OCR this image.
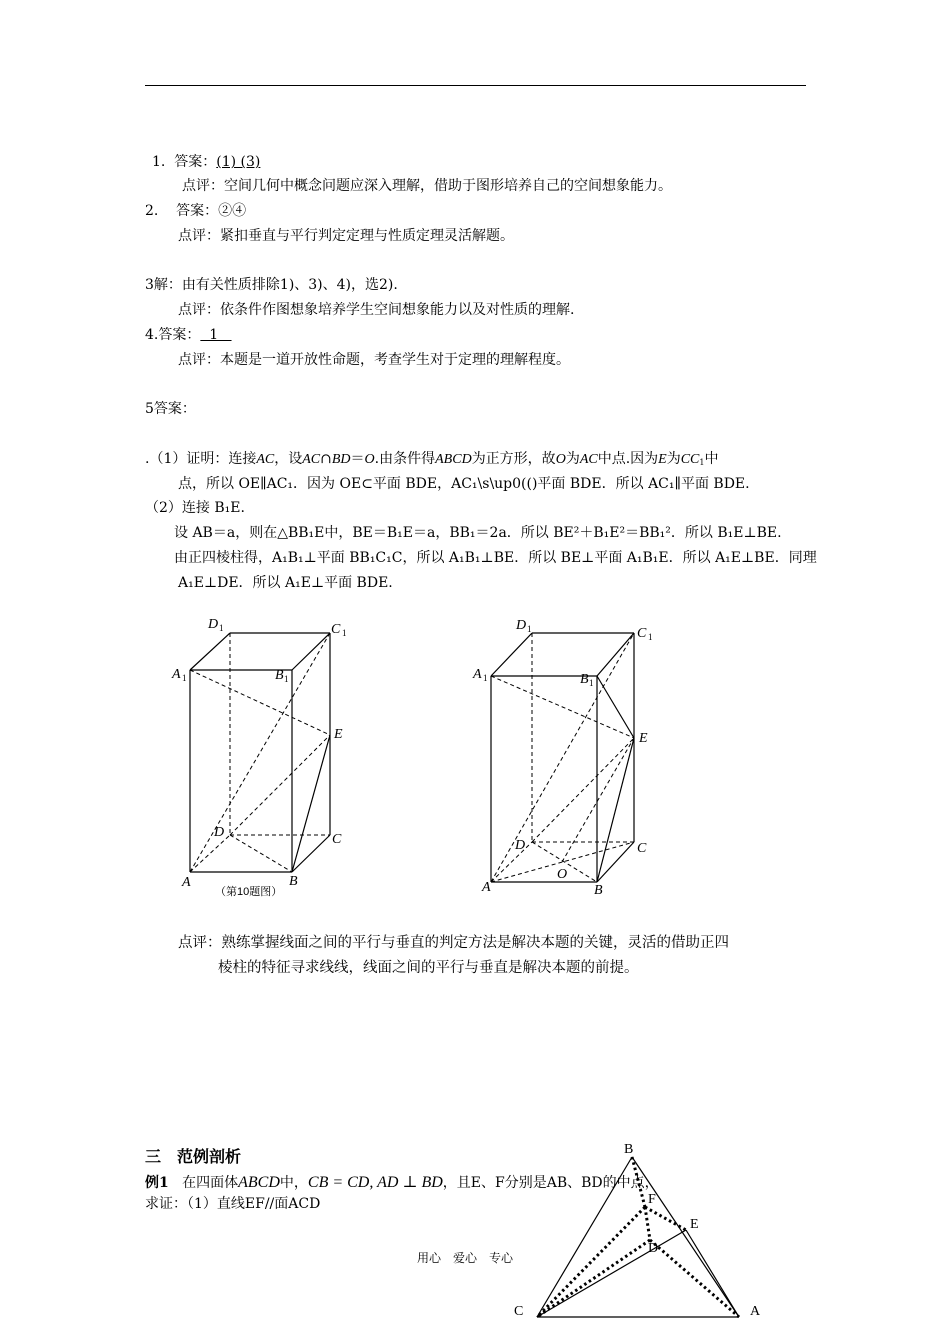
1. 答案：(1) (3)
点评：空间几何中概念问题应深入理解，借助于图形培养自己的空间想象能力。
2. 答案：②④
点评：紧扣垂直与平行判定定理与性质定理灵活解题。
3解：由有关性质排除1)、3)、4)，选2).
点评：依条件作图想象培养学生空间想象能力以及对性质的理解.
4.答案：  1
点评：本题是一道开放性命题，考查学生对于定理的理解程度。
5答案：
.（1）证明：连接AC，设AC∩BD＝O.由条件得ABCD为正方形，故O为AC中点.因为E为$CC_1$中
点，所以 OE∥AC₁．因为 OE⊂平面 BDE，AC₁\s\up0(()平面 BDE．所以 AC₁∥平面 BDE.
（2）连接 B₁E.
设 AB＝a，则在△BB₁E中，BE＝B₁E＝a，BB₁＝2a．所以 BE²＋B₁E²＝BB₁²．所以 B₁E⊥BE.
由正四棱柱得，A₁B₁⊥平面 BB₁C₁C，所以 A₁B₁⊥BE．所以 BE⊥平面 A₁B₁E．所以 A₁E⊥BE．同理
A₁E⊥DE．所以 A₁E⊥平面 BDE.
D 1	C 1
A 1	B 1
E
D	C
A	B
（第10题图）
D 1	C 1
A 1	B 1
E
D	C
A
O
B
点评：熟练掌握线面之间的平行与垂直的判定方法是解决本题的关键，灵活的借助正四
棱柱的特征寻求线线，线面之间的平行与垂直是解决本题的前提。
三　范例剖析
例1 在四面体ABCD中，CB = CD, AD ⊥ BD，且E、F分别是AB、BD的中点，
求证：（1）直线EF//面ACD
B
F
E
D
C	A
用心　爱心　专心
